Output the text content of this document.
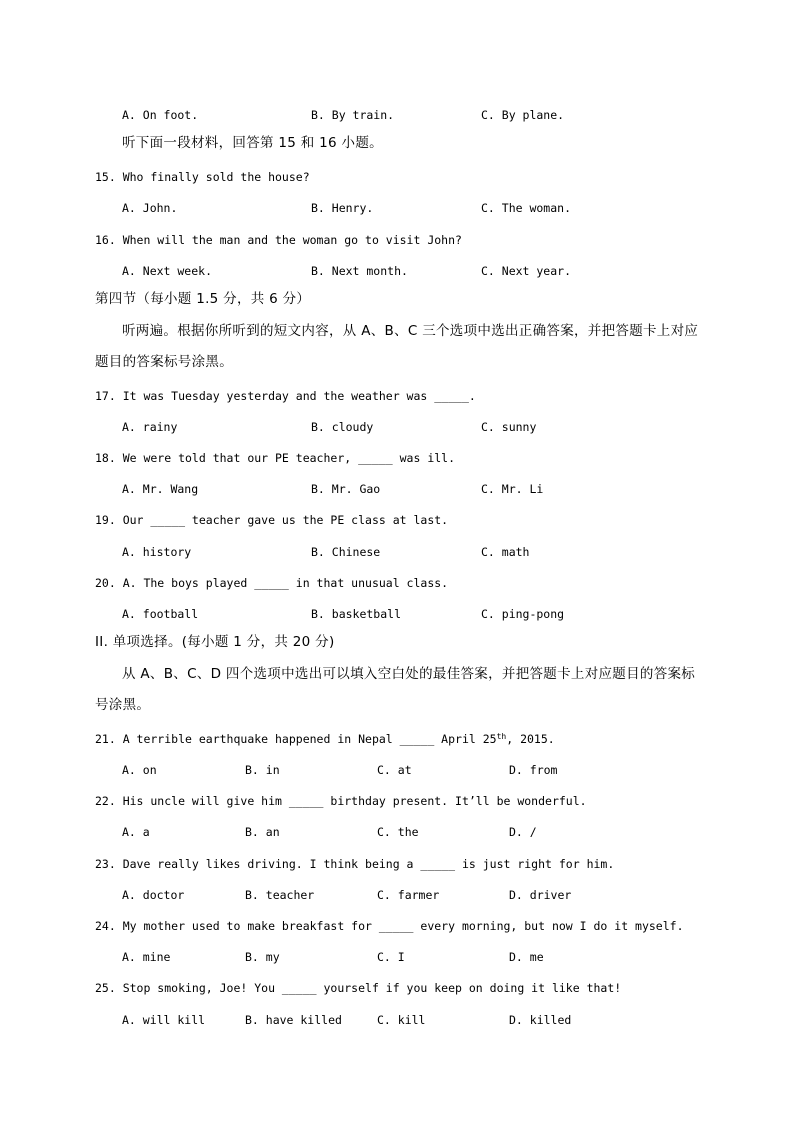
A. On foot.	B. By train.	C. By plane.
听下面一段材料，回答第 15 和 16 小题。
15. Who finally sold the house?
A. John.	B. Henry.	C. The woman.
16. When will the man and the woman go to visit John?
A. Next week.	B. Next month.	C. Next year.
第四节（每小题 1.5 分，共 6 分）
听两遍。根据你所听到的短文内容，从 A、B、C 三个选项中选出正确答案，并把答题卡上对应
题目的答案标号涂黑。
17. It was Tuesday yesterday and the weather was _____.
A. rainy	B. cloudy	C. sunny
18. We were told that our PE teacher, _____ was ill.
A. Mr. Wang	B. Mr. Gao	C. Mr. Li
19. Our _____ teacher gave us the PE class at last.
A. history	B. Chinese	C. math
20. A. The boys played _____ in that unusual class.
A. football	B. basketball	C. ping-pong
II. 单项选择。(每小题 1 分，共 20 分)
从 A、B、C、D 四个选项中选出可以填入空白处的最佳答案，并把答题卡上对应题目的答案标
号涂黑。
21. A terrible earthquake happened in Nepal _____ April 25th, 2015.
A. on	B. in	C. at	D. from
22. His uncle will give him _____ birthday present. It’ll be wonderful.
A. a	B. an	C. the	D. /
23. Dave really likes driving. I think being a _____ is just right for him.
A. doctor	B. teacher	C. farmer	D. driver
24. My mother used to make breakfast for _____ every morning, but now I do it myself.
A. mine	B. my	C. I	D. me
25. Stop smoking, Joe! You _____ yourself if you keep on doing it like that!
A. will kill	B. have killed	C. kill	D. killed
